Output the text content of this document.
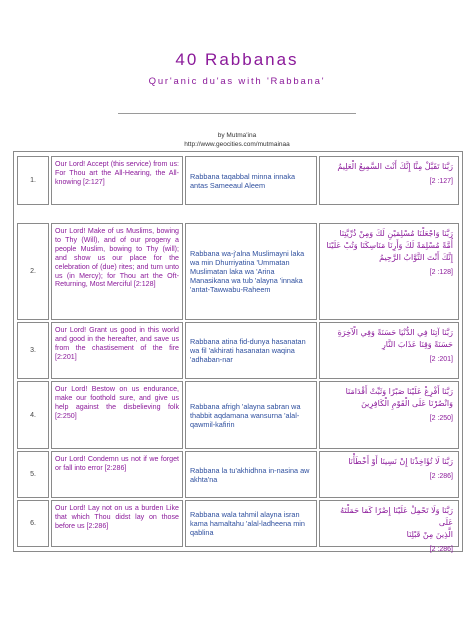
40 Rabbanas
Qur'anic du'as with 'Rabbana'
by Mutma'ina
http://www.geocities.com/mutmainaa
1.
Our Lord! Accept (this service) from us: For Thou art the All-Hearing, the All-knowing [2:127]
Rabbana taqabbal minna innaka antas Sameeaul Aleem
رَبَّنَا تَقَبَّلْ مِنَّا إِنَّكَ أَنْتَ السَّمِيعُ الْعَلِيمُ
[2 :127]
2.
Our Lord! Make of us Muslims, bowing to Thy (Will), and of our progeny a people Muslim, bowing to Thy (will); and show us our place for the celebration of (due) rites; and turn unto us (in Mercy); for Thou art the Oft-Returning, Most Merciful [2:128]
Rabbana wa-j'alna Muslimayni laka wa min Dhurriyatina 'Ummatan Muslimatan laka wa 'Arina Manasikana wa tub 'alayna 'innaka 'antat-Tawwabu-Raheem
رَبَّنَا وَاجْعَلْنَا مُسْلِمَيْنِ لَكَ وَمِنْ ذُرِّيَّتِنَا
أُمَّةً مُسْلِمَةً لَكَ وَأَرِنَا مَنَاسِكَنَا وَتُبْ عَلَيْنَا
إِنَّكَ أَنْتَ التَّوَّابُ الرَّحِيمُ
[2 :128]
3.
Our Lord! Grant us good in this world and good in the hereafter, and save us from the chastisement of the fire [2:201]
Rabbana atina fid-dunya hasanatan wa fil 'akhirati hasanatan waqina 'adhaban-nar
رَبَّنَا آتِنَا فِي الدُّنْيَا حَسَنَةً وَفِي الْآخِرَةِ
حَسَنَةً وَقِنَا عَذَابَ النَّارِ
[2 :201]
4.
Our Lord! Bestow on us endurance, make our foothold sure, and give us help against the disbelieving folk [2:250]
Rabbana afrigh 'alayna sabran wa thabbit aqdamana wansurna 'alal-qawmil-kafirin
رَبَّنَا أَفْرِغْ عَلَيْنَا صَبْرًا وَثَبِّتْ أَقْدَامَنَا
وَانْصُرْنَا عَلَى الْقَوْمِ الْكَافِرِينَ
[2 :250]
5.
Our Lord! Condemn us not if we forget or fall into error [2:286]	Rabbana la tu'akhidhna in-nasina aw akhta'na
رَبَّنَا لَا تُؤَاخِذْنَا إِنْ نَسِينَا أَوْ أَخْطَأْنَا
[2 :286]
6.
Our Lord! Lay not on us a burden Like that which Thou didst lay on those before us [2:286]
Rabbana wala tahmil alayna isran kama hamaltahu 'alal-ladheena min qablina
رَبَّنَا وَلَا تَحْمِلْ عَلَيْنَا إِصْرًا كَمَا حَمَلْتَهُ عَلَى
الَّذِينَ مِنْ قَبْلِنَا
[2 :286]
